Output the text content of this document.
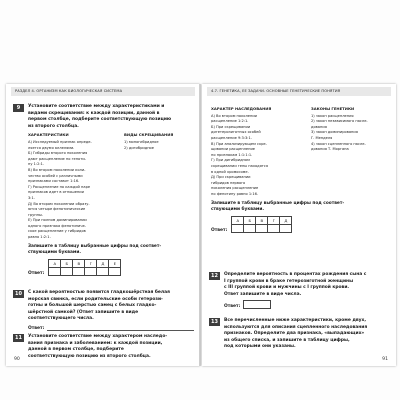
РАЗДЕЛ 4. ОРГАНИЗМ КАК БИОЛОГИЧЕСКАЯ СИСТЕМА
9	Установите соответствие между характеристиками и
видами скрещивания: к каждой позиции, данной в
первом столбце, подберите соответствующую позицию
из второго столбца.
ХАРАКТЕРИСТИКИ
А) Исследуемый признак опреде-
ляется двумя аллелями.
Б) Гибриды второго поколения
дают расщепление по геноти-
пу 1:2:1.
В) Во втором поколении коли-
чество особей с различными
признаками составит 1:16.
Г) Расщепление по каждой паре
признаков идет в отношении
3:1.
Д) Во втором поколении образу-
ются четыре фенотипические
группы.
Е) При полном доминировании
одного признака фенотипиче-
ское расщепление у гибридов
равно 1:2:1.
ВИДЫ СКРЕЩИВАНИЯ
1) моногибридное
2) дигибридное
Запишите в таблицу выбранные цифры под соответ-
ствующими буквами.
Ответ:
А	Б	В	Г	Д	Е

10	С какой вероятностью появится гладкошёрстная белая
морская свинка, если родительские особи гетерози-
готны и большой шерстью самец с белых гладко-
шёрстной самкой? (Ответ запишите в виде
соответствующего числа.
Ответ:
11	Установите соответствие между характером наследо-
вания признака и заболеванием: к каждой позиции,
данной в первом столбце, подберите
соответствующую позицию из второго столбца.
90
4.7. ГЕНЕТИКА, ЕЕ ЗАДАЧИ. ОСНОВНЫЕ ГЕНЕТИЧЕСКИЕ ПОНЯТИЯ
ХАРАКТЕР НАСЛЕДОВАНИЯ
А) Во втором поколении
расщепление 1:2:1.
Б) При скрещивании
дигетерозиготных особей
расщепление 9:3:3:1.
В) При анализирующем скре-
щивании расщепление
по признакам 1:1:1:1.
Г) При дигибридном
скрещивании гены находятся
в одной хромосоме.
Д) При скрещивании
гибридов первого
поколения расщепление
по фенотипу равно 1:16.
ЗАКОНЫ ГЕНЕТИКИ
1) закон расщепления
2) закон независимого насле-
дования
3) закон доминирования
Г. Менделя
4) закон сцепленного насле-
дования Т. Моргана
Запишите в таблицу выбранные цифры под соответ-
ствующими буквами.
Ответ:
А	Б	В	Г	Д

12	Определите вероятность в процентах рождения сына с
I группой крови в браке гетерозиготной женщины
с III группой крови и мужчины с I группой крови.
Ответ запишите в виде числа.
Ответ:
13	Все перечисленные ниже характеристики, кроме двух,
используются для описания сцепленного наследования
признаков. Определите два признака, «выпадающих»
из общего списка, и запишите в таблицу цифры,
под которыми они указаны.
91
